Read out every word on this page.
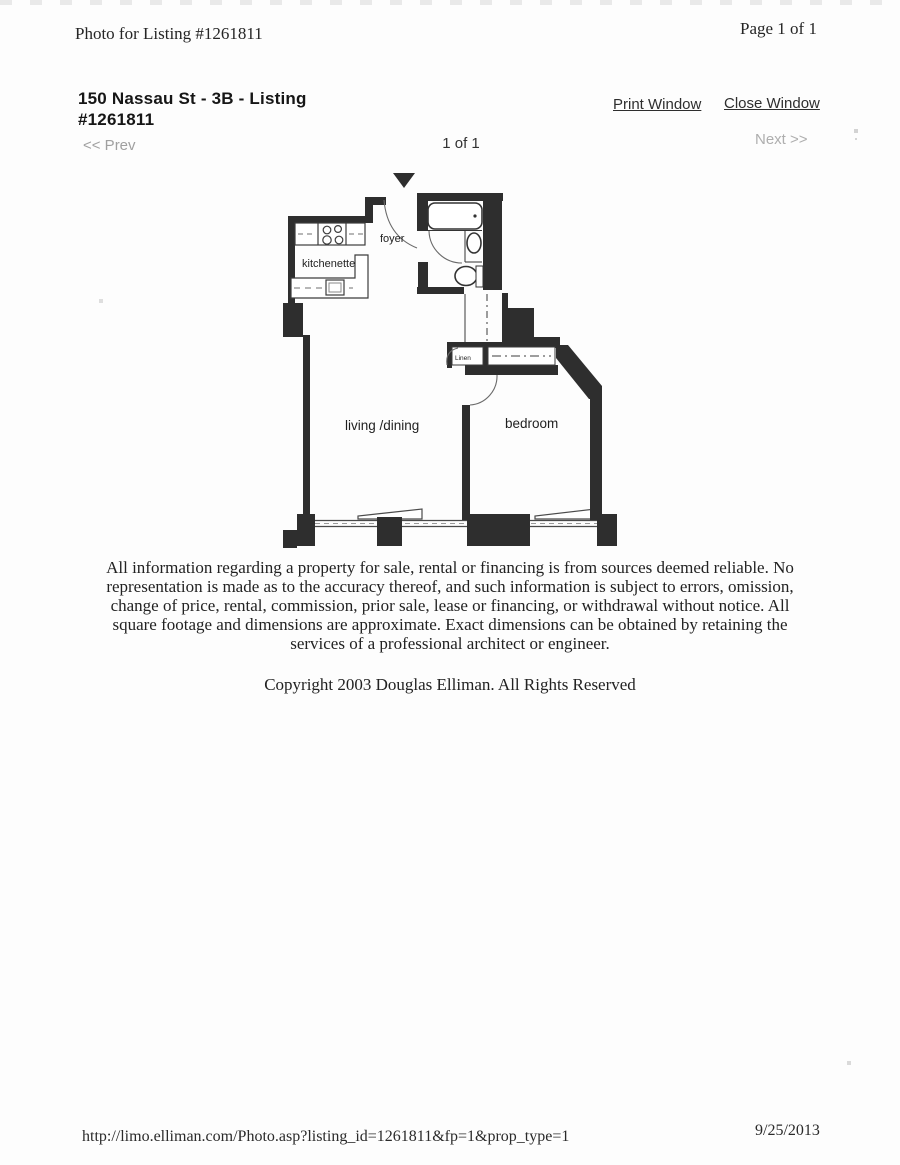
Photo for Listing #1261811	Page 1 of 1
150 Nassau St - 3B - Listing
#1261811
Print Window Close Window
<< Prev	1 of 1	Next >>
kitchenette
foyer
Linen
living /dining	bedroom
All information regarding a property for sale, rental or financing is from sources deemed reliable. No
representation is made as to the accuracy thereof, and such information is subject to errors, omission,
change of price, rental, commission, prior sale, lease or financing, or withdrawal without notice. All
square footage and dimensions are approximate. Exact dimensions can be obtained by retaining the
services of a professional architect or engineer.
Copyright 2003 Douglas Elliman. All Rights Reserved
http://limo.elliman.com/Photo.asp?listing_id=1261811&fp=1&prop_type=1	9/25/2013
